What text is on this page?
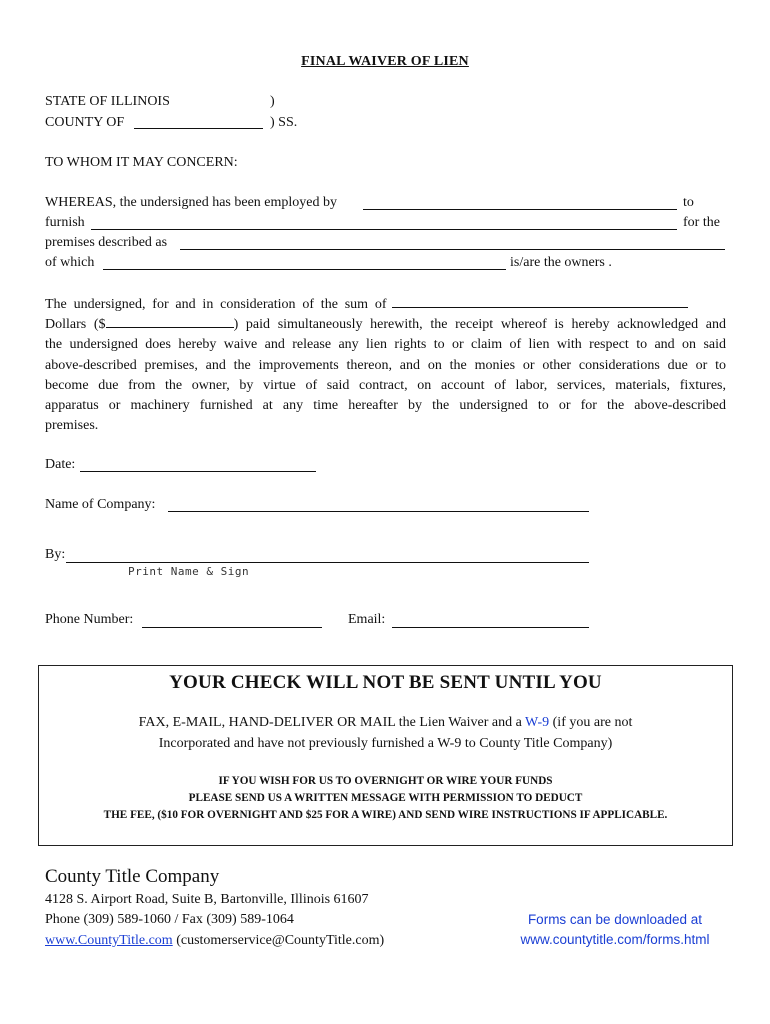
FINAL WAIVER OF LIEN
STATE OF ILLINOIS	)
COUNTY OF	) SS.
TO WHOM IT MAY CONCERN:
WHEREAS, the undersigned has been employed by	to
furnish	for the
premises described as
of which	is/are the owners .
The undersigned, for and in consideration of the sum of
Dollars ($	) paid simultaneously herewith, the receipt whereof is hereby acknowledged and
the undersigned does hereby waive and release any lien rights to or claim of lien with respect to and on said
above-described premises, and the improvements thereon, and on the monies or other considerations due or to
become due from the owner, by virtue of said contract, on account of labor, services, materials, fixtures,
apparatus or machinery furnished at any time hereafter by the undersigned to or for the above-described
premises.
Date:
Name of Company:
By:
Print Name & Sign
Phone Number:	Email:
YOUR CHECK WILL NOT BE SENT UNTIL YOU
FAX, E-MAIL, HAND-DELIVER OR MAIL the Lien Waiver and a W-9 (if you are not
Incorporated and have not previously furnished a W-9 to County Title Company)
IF YOU WISH FOR US TO OVERNIGHT OR WIRE YOUR FUNDS
PLEASE SEND US A WRITTEN MESSAGE WITH PERMISSION TO DEDUCT
THE FEE, ($10 FOR OVERNIGHT AND $25 FOR A WIRE) AND SEND WIRE INSTRUCTIONS IF APPLICABLE.
County Title Company
4128 S. Airport Road, Suite B, Bartonville, Illinois 61607
Phone (309) 589-1060 / Fax (309) 589-1064
www.CountyTitle.com (customerservice@CountyTitle.com)
Forms can be downloaded at
www.countytitle.com/forms.html
